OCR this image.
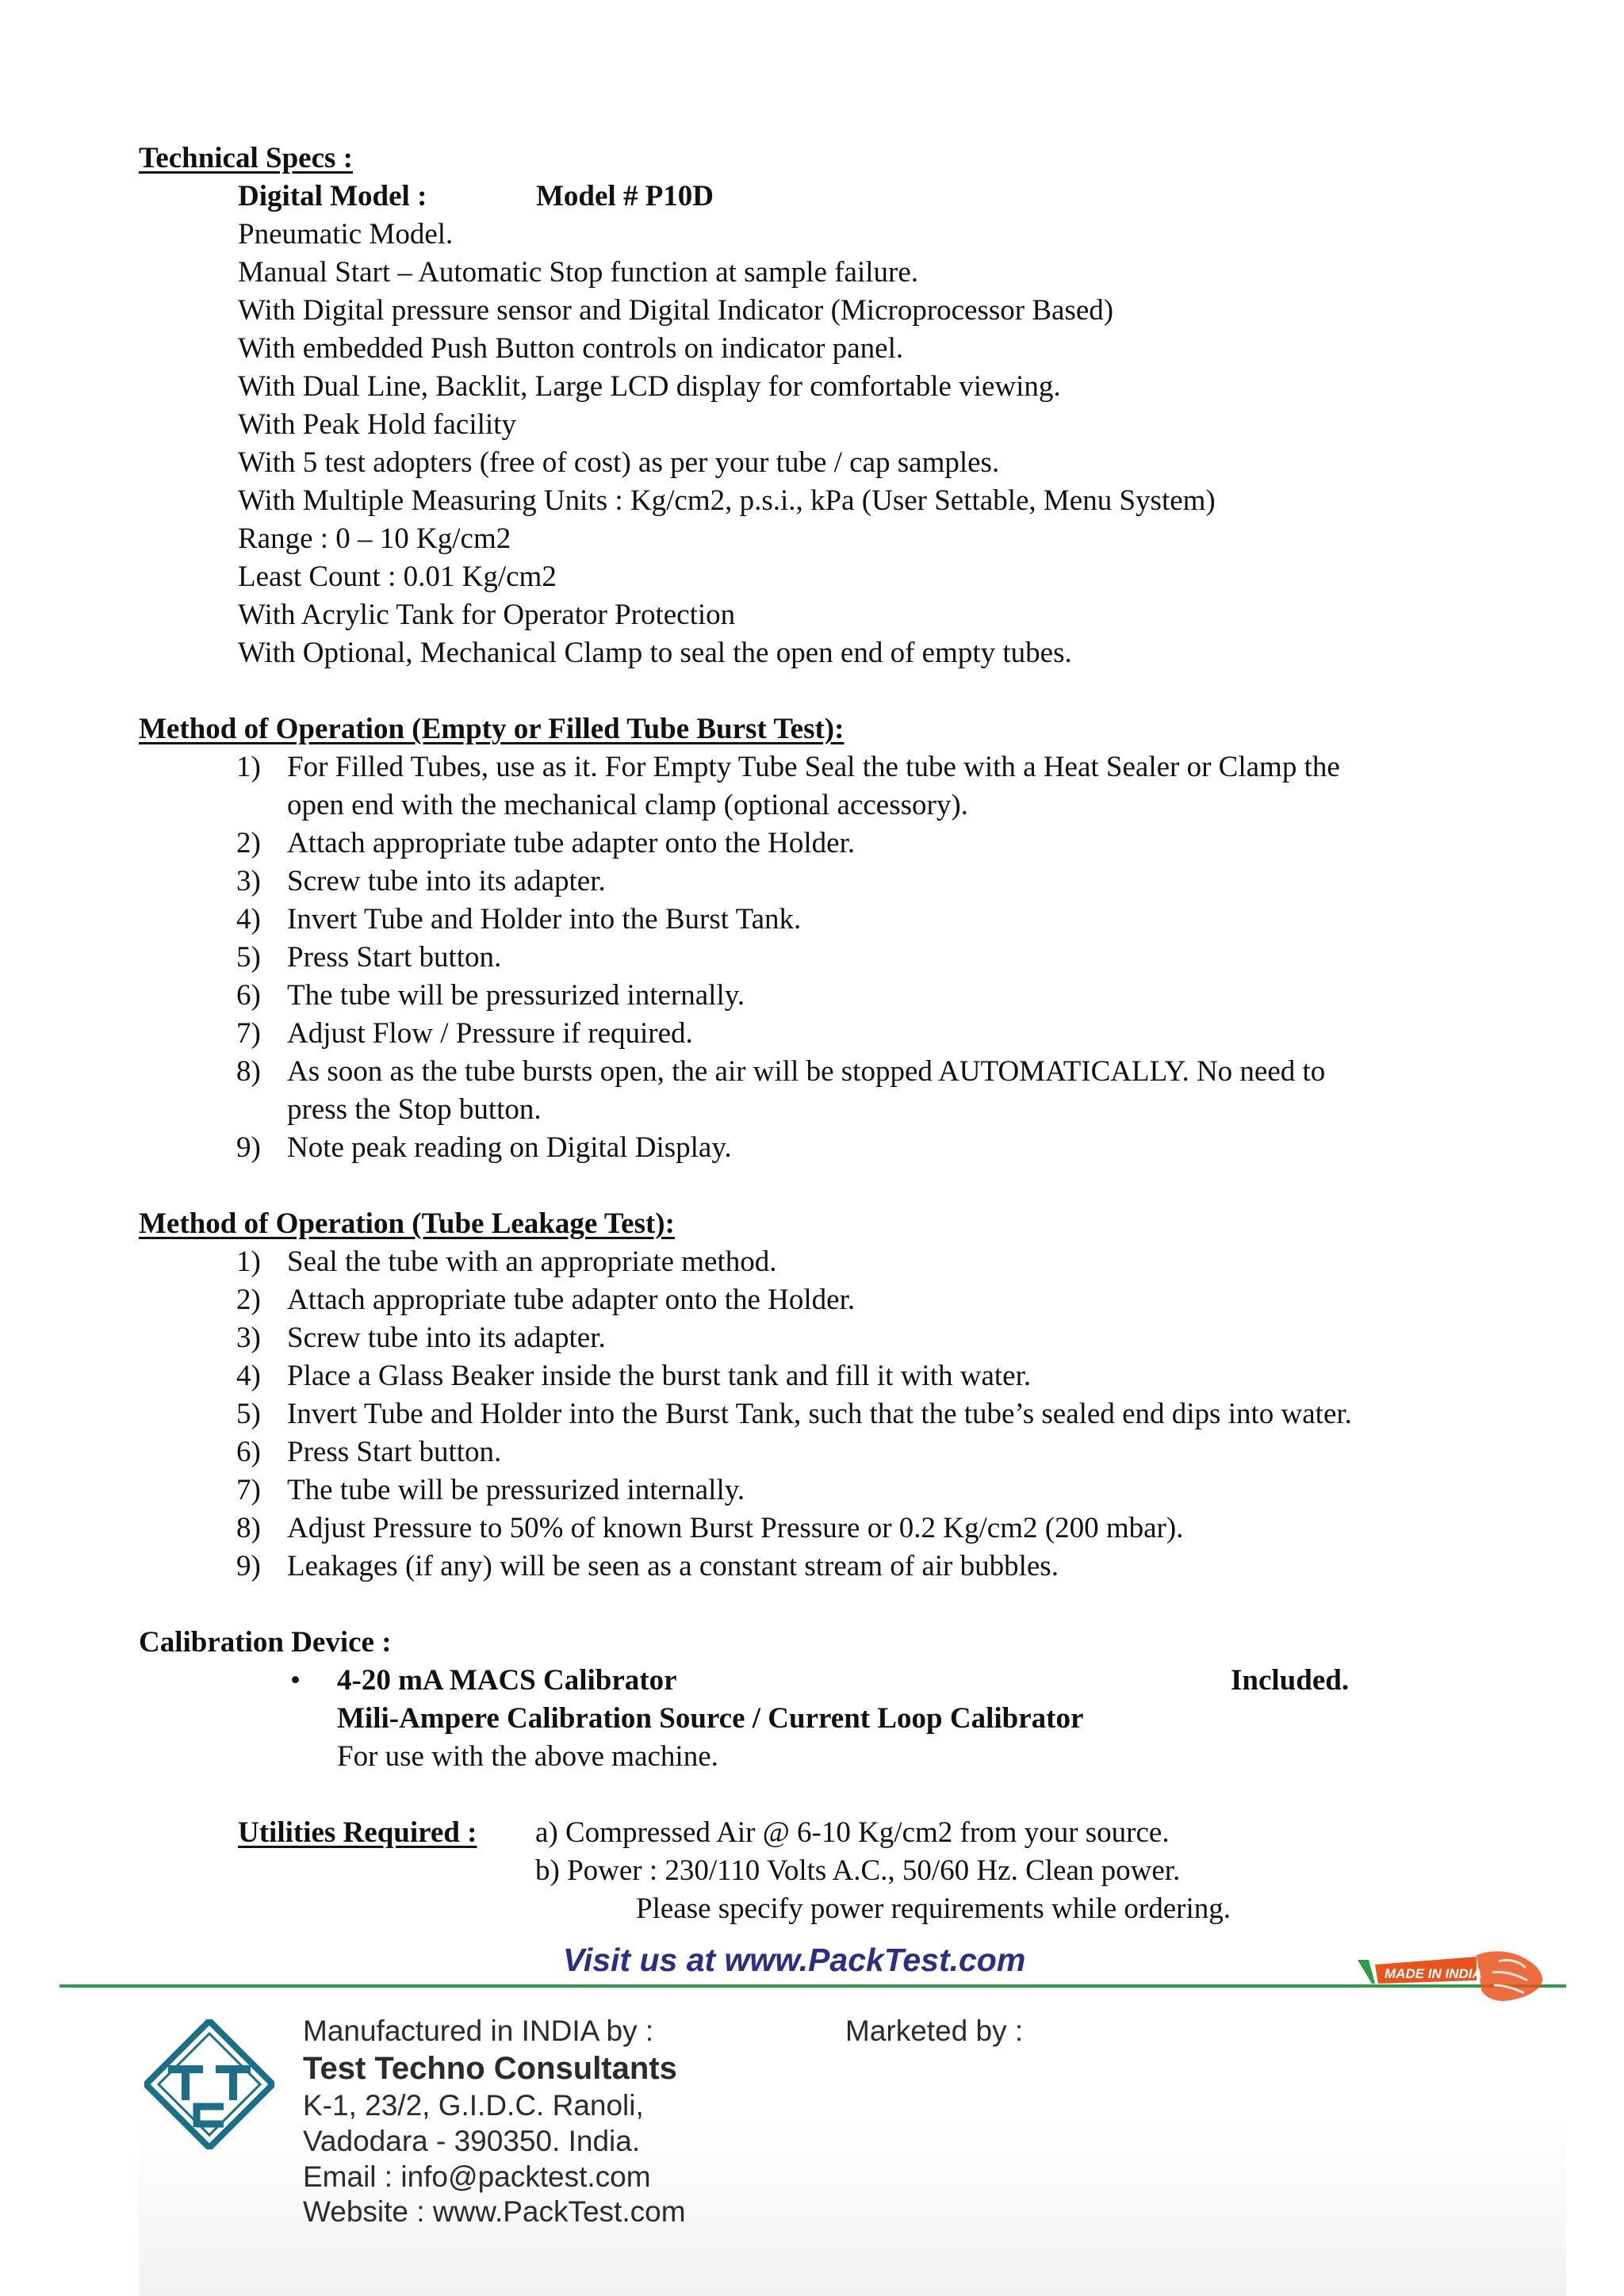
Technical Specs :
Digital Model :	Model # P10D
Pneumatic Model.
Manual Start – Automatic Stop function at sample failure.
With Digital pressure sensor and Digital Indicator (Microprocessor Based)
With embedded Push Button controls on indicator panel.
With Dual Line, Backlit, Large LCD display for comfortable viewing.
With Peak Hold facility
With 5 test adopters (free of cost) as per your tube / cap samples.
With Multiple Measuring Units : Kg/cm2, p.s.i., kPa (User Settable, Menu System)
Range : 0 – 10 Kg/cm2
Least Count : 0.01 Kg/cm2
With Acrylic Tank for Operator Protection
With Optional, Mechanical Clamp to seal the open end of empty tubes.
Method of Operation (Empty or Filled Tube Burst Test):
1) For Filled Tubes, use as it. For Empty Tube Seal the tube with a Heat Sealer or Clamp the
open end with the mechanical clamp (optional accessory).
2) Attach appropriate tube adapter onto the Holder.
3) Screw tube into its adapter.
4) Invert Tube and Holder into the Burst Tank.
5) Press Start button.
6) The tube will be pressurized internally.
7) Adjust Flow / Pressure if required.
8) As soon as the tube bursts open, the air will be stopped AUTOMATICALLY. No need to
press the Stop button.
9) Note peak reading on Digital Display.
Method of Operation (Tube Leakage Test):
1) Seal the tube with an appropriate method.
2) Attach appropriate tube adapter onto the Holder.
3) Screw tube into its adapter.
4) Place a Glass Beaker inside the burst tank and fill it with water.
5) Invert Tube and Holder into the Burst Tank, such that the tube’s sealed end dips into water.
6) Press Start button.
7) The tube will be pressurized internally.
8) Adjust Pressure to 50% of known Burst Pressure or 0.2 Kg/cm2 (200 mbar).
9) Leakages (if any) will be seen as a constant stream of air bubbles.
Calibration Device :
• 4-20 mA MACS Calibrator	Included.
Mili-Ampere Calibration Source / Current Loop Calibrator
For use with the above machine.
Utilities Required : a) Compressed Air @ 6-10 Kg/cm2 from your source.
b) Power : 230/110 Volts A.C., 50/60 Hz. Clean power.
Please specify power requirements while ordering.
Visit us at www.PackTest.com	MADE IN INDIA
Manufactured in INDIA by :
Test Techno Consultants
K-1, 23/2, G.I.D.C. Ranoli,
Vadodara - 390350. India.
Email : info@packtest.com
Website : www.PackTest.com
Marketed by :
